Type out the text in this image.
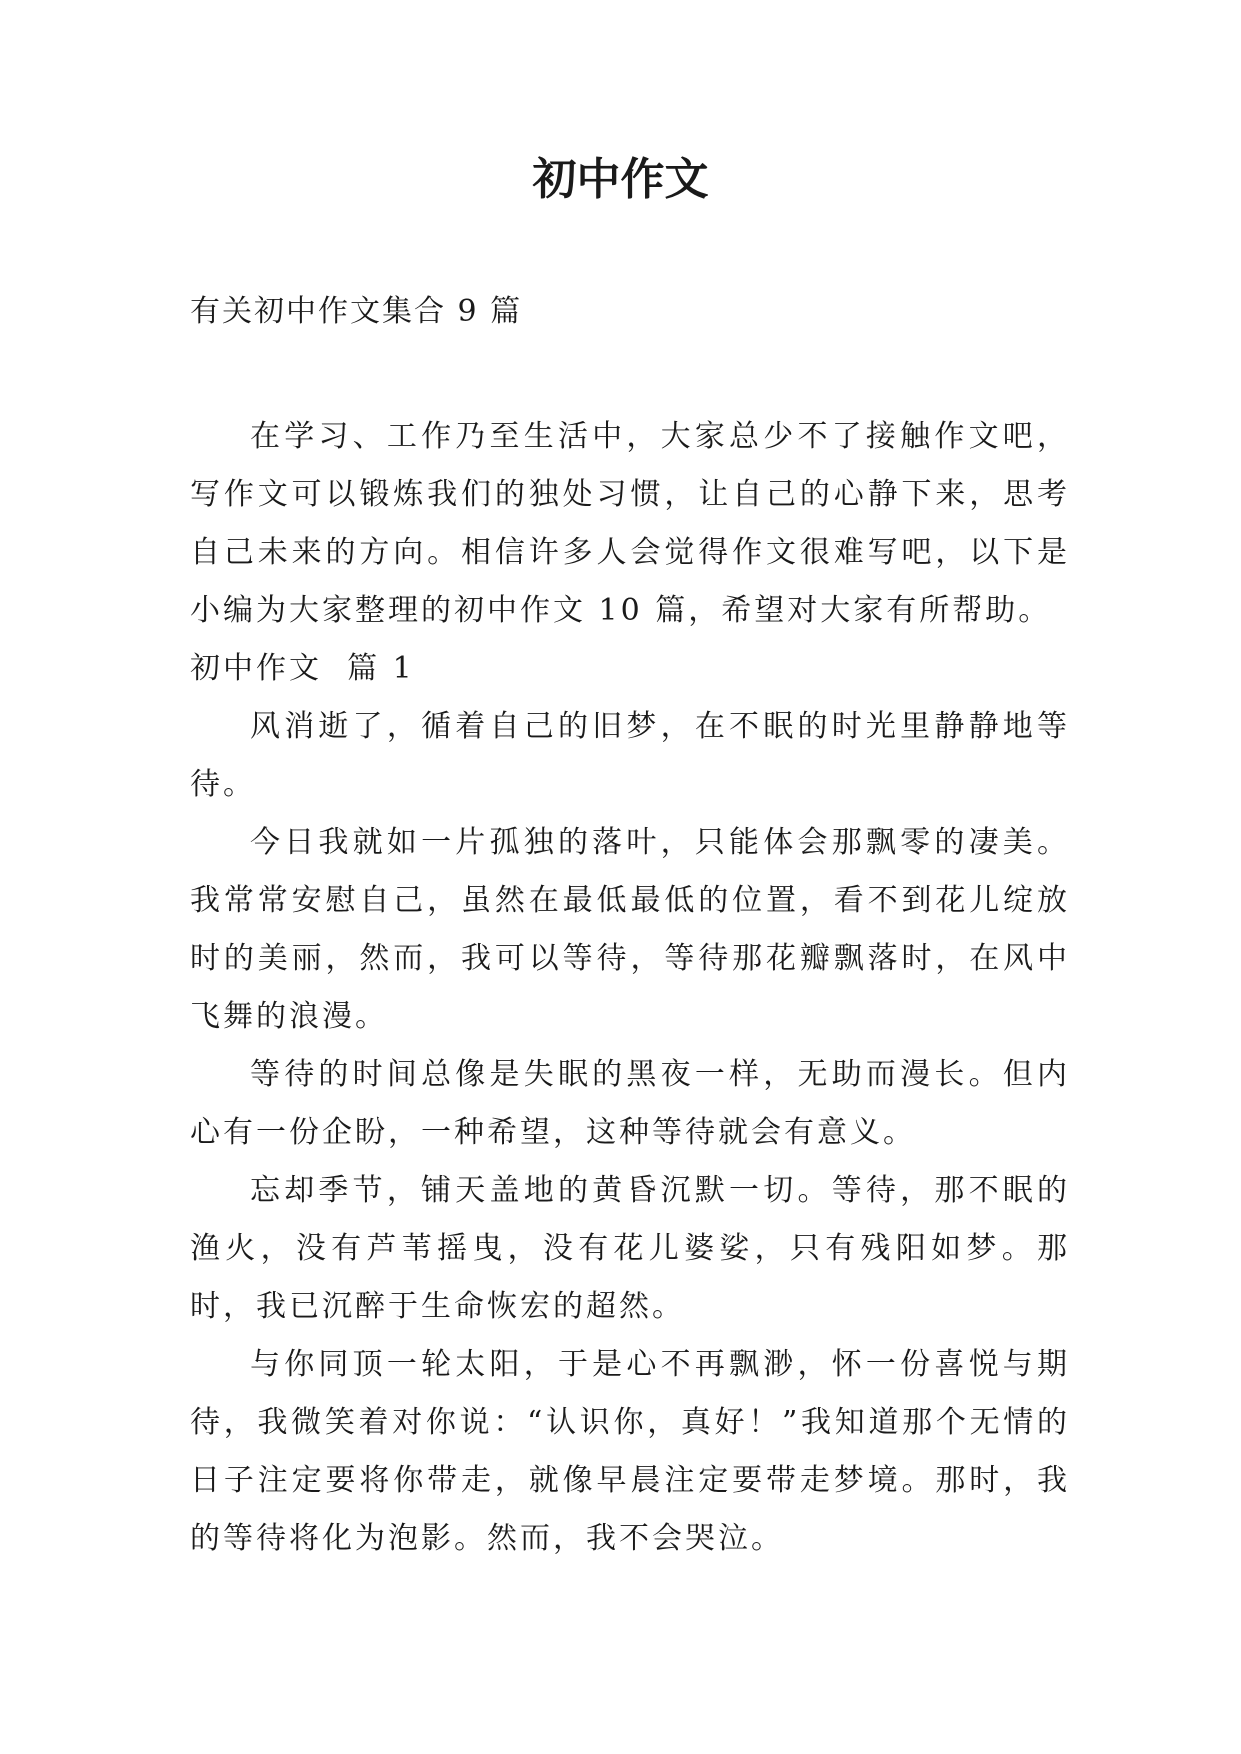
初中作文
有关初中作文集合 9 篇

在学习、工作乃至生活中，大家总少不了接触作文吧，写作文可以锻炼我们的独处习惯，让自己的心静下来，思考自己未来的方向。相信许多人会觉得作文很难写吧，以下是小编为大家整理的初中作文 10 篇，希望对大家有所帮助。

初中作文  篇 1

风消逝了，循着自己的旧梦，在不眠的时光里静静地等待。

今日我就如一片孤独的落叶，只能体会那飘零的凄美。我常常安慰自己，虽然在最低最低的位置，看不到花儿绽放时的美丽，然而，我可以等待，等待那花瓣飘落时，在风中飞舞的浪漫。

等待的时间总像是失眠的黑夜一样，无助而漫长。但内心有一份企盼，一种希望，这种等待就会有意义。

忘却季节，铺天盖地的黄昏沉默一切。等待，那不眠的渔火，没有芦苇摇曳，没有花儿婆娑，只有残阳如梦。那时，我已沉醉于生命恢宏的超然。

与你同顶一轮太阳，于是心不再飘渺，怀一份喜悦与期待，我微笑着对你说：“认识你，真好！”我知道那个无情的日子注定要将你带走，就像早晨注定要带走梦境。那时，我的等待将化为泡影。然而，我不会哭泣。
